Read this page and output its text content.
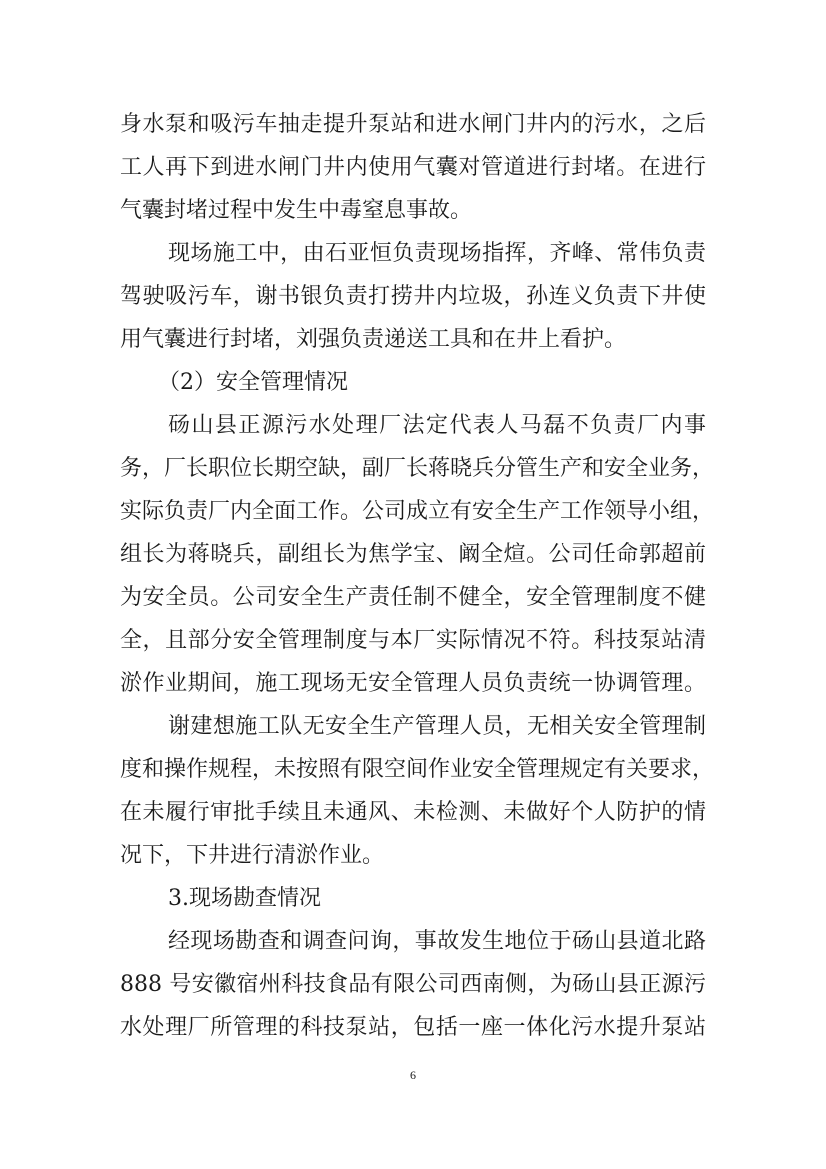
身水泵和吸污车抽走提升泵站和进水闸门井内的污水，之后
工人再下到进水闸门井内使用气囊对管道进行封堵。在进行
气囊封堵过程中发生中毒窒息事故。
现场施工中，由石亚恒负责现场指挥，齐峰、常伟负责
驾驶吸污车，谢书银负责打捞井内垃圾，孙连义负责下井使
用气囊进行封堵，刘强负责递送工具和在井上看护。
（2）安全管理情况
砀山县正源污水处理厂法定代表人马磊不负责厂内事
务，厂长职位长期空缺，副厂长蒋晓兵分管生产和安全业务，
实际负责厂内全面工作。公司成立有安全生产工作领导小组，
组长为蒋晓兵，副组长为焦学宝、阚全煊。公司任命郭超前
为安全员。公司安全生产责任制不健全，安全管理制度不健
全，且部分安全管理制度与本厂实际情况不符。科技泵站清
淤作业期间，施工现场无安全管理人员负责统一协调管理。
谢建想施工队无安全生产管理人员，无相关安全管理制
度和操作规程，未按照有限空间作业安全管理规定有关要求，
在未履行审批手续且未通风、未检测、未做好个人防护的情
况下，下井进行清淤作业。
3.现场勘查情况
经现场勘查和调查问询，事故发生地位于砀山县道北路
888 号安徽宿州科技食品有限公司西南侧，为砀山县正源污
水处理厂所管理的科技泵站，包括一座一体化污水提升泵站
6
